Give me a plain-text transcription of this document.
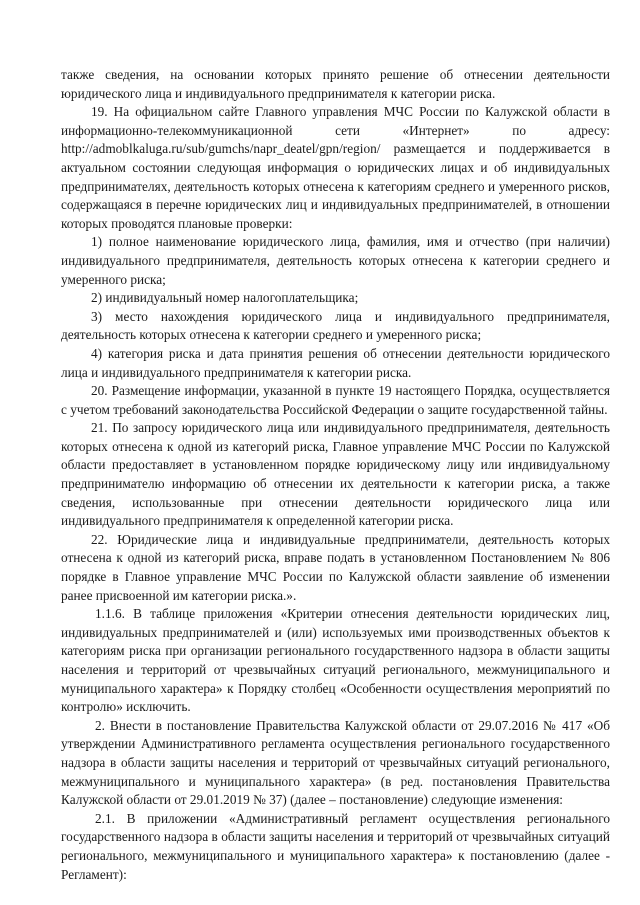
также сведения, на основании которых принято решение об отнесении деятельности юридического лица и индивидуального предпринимателя к категории риска.

19. На официальном сайте Главного управления МЧС России по Калужской области в информационно-телекоммуникационной сети «Интернет» по адресу: http://admoblkaluga.ru/sub/gumchs/napr_deatel/gpn/region/ размещается и поддерживается в актуальном состоянии следующая информация о юридических лицах и об индивидуальных предпринимателях, деятельность которых отнесена к категориям среднего и умеренного рисков, содержащаяся в перечне юридических лиц и индивидуальных предпринимателей, в отношении которых проводятся плановые проверки:

1) полное наименование юридического лица, фамилия, имя и отчество (при наличии) индивидуального предпринимателя, деятельность которых отнесена к категории среднего и умеренного риска;

2) индивидуальный номер налогоплательщика;

3) место нахождения юридического лица и индивидуального предпринимателя, деятельность которых отнесена к категории среднего и умеренного риска;

4) категория риска и дата принятия решения об отнесении деятельности юридического лица и индивидуального предпринимателя к категории риска.

20. Размещение информации, указанной в пункте 19 настоящего Порядка, осуществляется с учетом требований законодательства Российской Федерации о защите государственной тайны.

21. По запросу юридического лица или индивидуального предпринимателя, деятельность которых отнесена к одной из категорий риска, Главное управление МЧС России по Калужской области предоставляет в установленном порядке юридическому лицу или индивидуальному предпринимателю информацию об отнесении их деятельности к категории риска, а также сведения, использованные при отнесении деятельности юридического лица или индивидуального предпринимателя к определенной категории риска.

22. Юридические лица и индивидуальные предприниматели, деятельность которых отнесена к одной из категорий риска, вправе подать в установленном Постановлением № 806 порядке в Главное управление МЧС России по Калужской области заявление об изменении ранее присвоенной им категории риска.».

1.1.6. В таблице приложения «Критерии отнесения деятельности юридических лиц, индивидуальных предпринимателей и (или) используемых ими производственных объектов к категориям риска при организации регионального государственного надзора в области защиты населения и территорий от чрезвычайных ситуаций регионального, межмуниципального и муниципального характера» к Порядку столбец «Особенности осуществления мероприятий по контролю» исключить.

2. Внести в постановление Правительства Калужской области от 29.07.2016 № 417 «Об утверждении Административного регламента осуществления регионального государственного надзора в области защиты населения и территорий от чрезвычайных ситуаций регионального, межмуниципального и муниципального характера» (в ред. постановления Правительства Калужской области от 29.01.2019 № 37) (далее – постановление) следующие изменения:

2.1. В приложении «Административный регламент осуществления регионального государственного надзора в области защиты населения и территорий от чрезвычайных ситуаций регионального, межмуниципального и муниципального характера» к постановлению (далее - Регламент):
